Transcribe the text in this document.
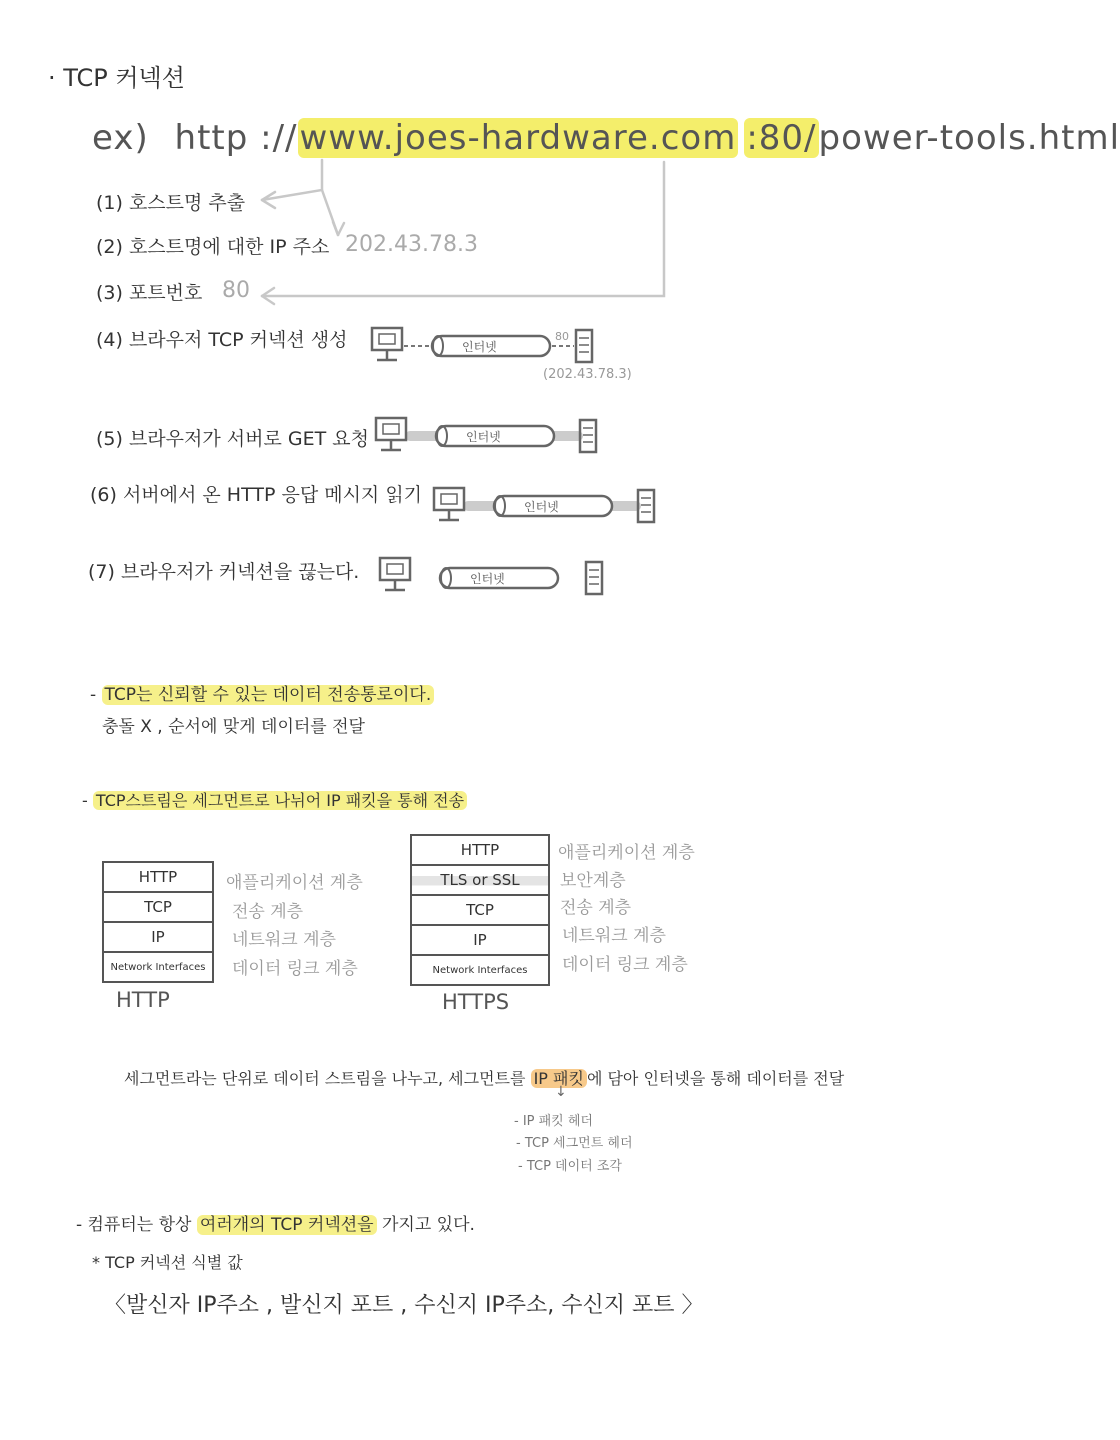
· TCP 커넥션
ex) http ://www.joes-hardware.com :80/power-tools.html
(1) 호스트명 추출
(2) 호스트명에 대한 IP 주소 202.43.78.3
(3) 포트번호 80
(4) 브라우저 TCP 커넥션 생성
(5) 브라우저가 서버로 GET 요청
(6) 서버에서 온 HTTP 응답 메시지 읽기
(7) 브라우저가 커넥션을 끊는다.
인터넷
인터넷
인터넷
인터넷
80
(202.43.78.3)
- TCP는 신뢰할 수 있는 데이터 전송통로이다.
충돌 X , 순서에 맞게 데이터를 전달
- TCP스트림은 세그먼트로 나뉘어 IP 패킷을 통해 전송
HTTP
TCP
IP
Network Interfaces
애플리케이션 계층
전송 계층
네트워크 계층
데이터 링크 계층
HTTP
HTTP
TLS or SSL
TCP
IP
Network Interfaces
애플리케이션 계층
보안계층
전송 계층
네트워크 계층
데이터 링크 계층
HTTPS
세그먼트라는 단위로 데이터 스트림을 나누고, 세그먼트를 IP 패킷 에 담아 인터넷을 통해 데이터를 전달
↓
- IP 패킷 헤더
- TCP 세그먼트 헤더
- TCP 데이터 조각
- 컴퓨터는 항상 여러개의 TCP 커넥션을 가지고 있다.
* TCP 커넥션 식별 값
〈발신자 IP주소 , 발신지 포트 , 수신지 IP주소, 수신지 포트 〉
